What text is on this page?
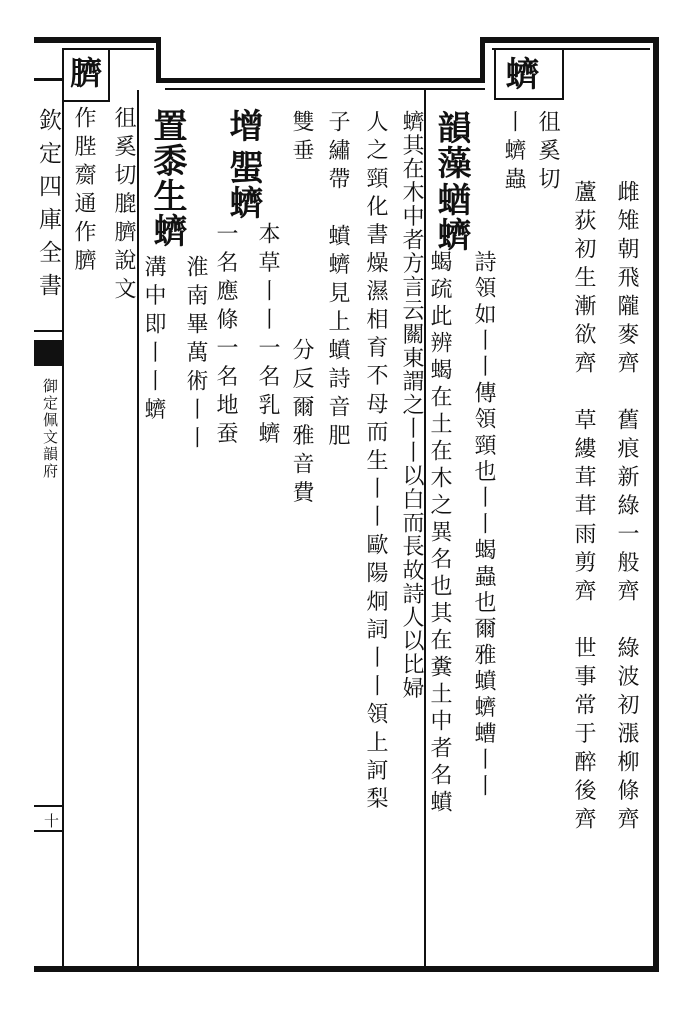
欽定四庫全書
御定佩文韻府
十	雌雉朝飛隴麥齊　舊痕新綠一般齊　綠波初漲柳條齊
蘆荻初生漸欲齊　草縷茸茸雨剪齊　世事常于醉後齊
蠐
徂奚切
丨蠐蟲
韻藻
蝤蠐
詩領如丨丨傳領頸也丨丨蝎蟲也爾雅蟦蠐螬丨丨
蝎疏此辨蝎在土在木之異名也其在糞土中者名蟦
蠐其在木中者方言云關東謂之丨丨以白而長故詩人以比婦
人之頸化書燥濕相育不母而生丨丨歐陽炯詞丨丨領上訶梨
子繡帶　蟦蠐見上蟦詩音肥
雙垂　　　　　　分反爾雅音費
增
蜰蠐
本草丨丨一名乳蠐
一名應條一名地蚕
置黍生蠐
淮南畢萬術丨丨
溝中即丨丨蠐
臍
徂奚切膍臍說文
作䏶齌通作臍
